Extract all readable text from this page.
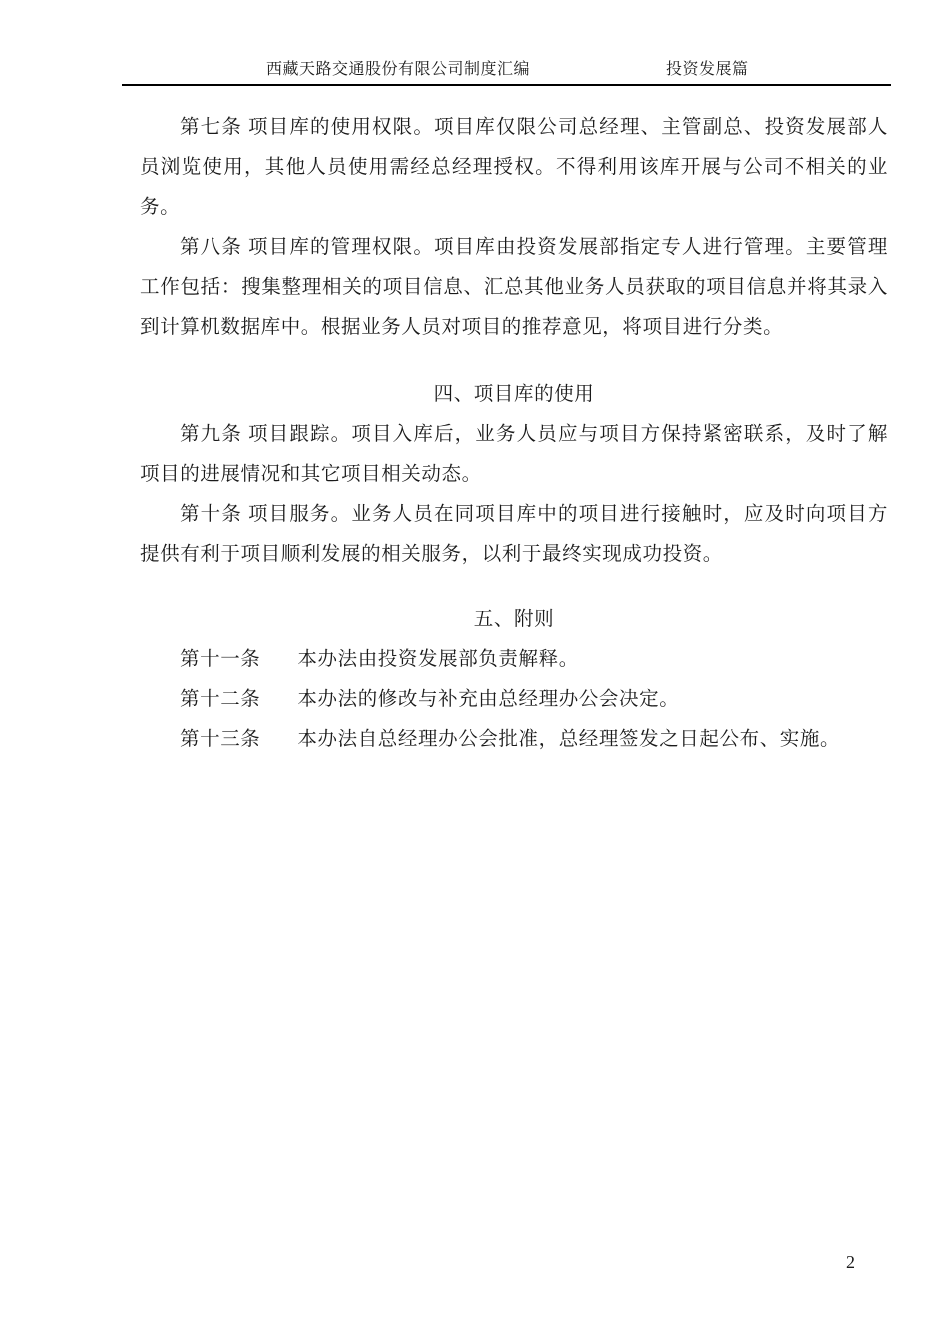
西藏天路交通股份有限公司制度汇编	投资发展篇

第七条 项目库的使用权限。项目库仅限公司总经理、主管副总、投资发展部人员浏览使用，其他人员使用需经总经理授权。不得利用该库开展与公司不相关的业务。

第八条 项目库的管理权限。项目库由投资发展部指定专人进行管理。主要管理工作包括：搜集整理相关的项目信息、汇总其他业务人员获取的项目信息并将其录入到计算机数据库中。根据业务人员对项目的推荐意见，将项目进行分类。

四、项目库的使用

第九条 项目跟踪。项目入库后，业务人员应与项目方保持紧密联系，及时了解项目的进展情况和其它项目相关动态。

第十条 项目服务。业务人员在同项目库中的项目进行接触时，应及时向项目方提供有利于项目顺利发展的相关服务，以利于最终实现成功投资。

五、附则

第十一条 本办法由投资发展部负责解释。

第十二条 本办法的修改与补充由总经理办公会决定。

第十三条 本办法自总经理办公会批准，总经理签发之日起公布、实施。

2
